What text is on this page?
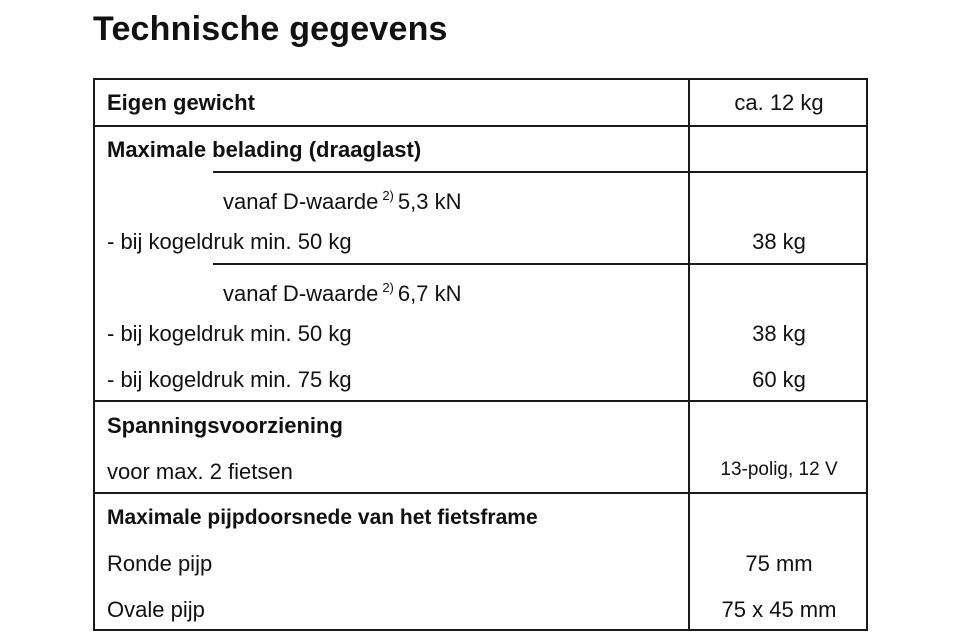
Technische gegevens
Eigen gewicht	ca. 12 kg
Maximale belading (draaglast)
vanaf D-waarde $^{2)}$ 5,3 kN
- bij kogeldruk min. 50 kg	38 kg
vanaf D-waarde $^{2)}$ 6,7 kN
- bij kogeldruk min. 50 kg	38 kg
- bij kogeldruk min. 75 kg	60 kg
Spanningsvoorziening
voor max. 2 fietsen	13-polig, 12 V
Maximale pijpdoorsnede van het fietsframe
Ronde pijp	75 mm
Ovale pijp	75 x 45 mm
